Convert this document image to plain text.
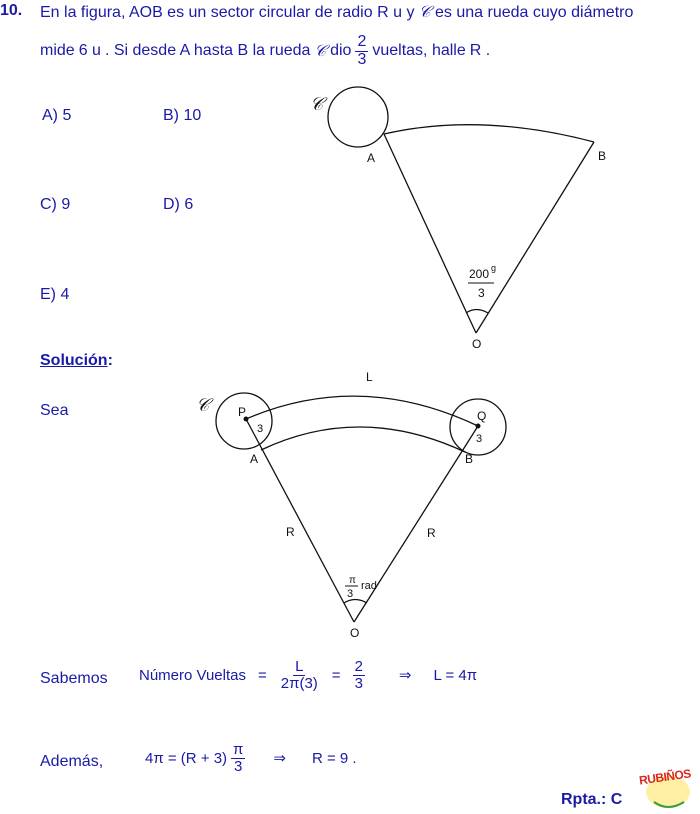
10. En la figura, AOB es un sector circular de radio R u y 𝒞 es una rueda cuyo diámetro
mide 6 u . Si desde A hasta B la rueda 𝒞 dio $\frac{2}{3}$ vueltas, halle R .
A) 5	B) 10
C) 9	D) 6
E) 4
𝒞
A	B
O
200 g
3
Solución:
Sea	𝒞
L
P	Q
3
3
A	B
R	R
O
π
3
rad
Sabemos Número Vueltas = $\frac{L}{2\pi(3)} = \frac{2}{3}$ ⇒ L = 4π
Además,	$4\pi = (R + 3) \frac{\pi}{3}$ ⇒ R = 9 .
Rpta.: C
RUBIÑOS
